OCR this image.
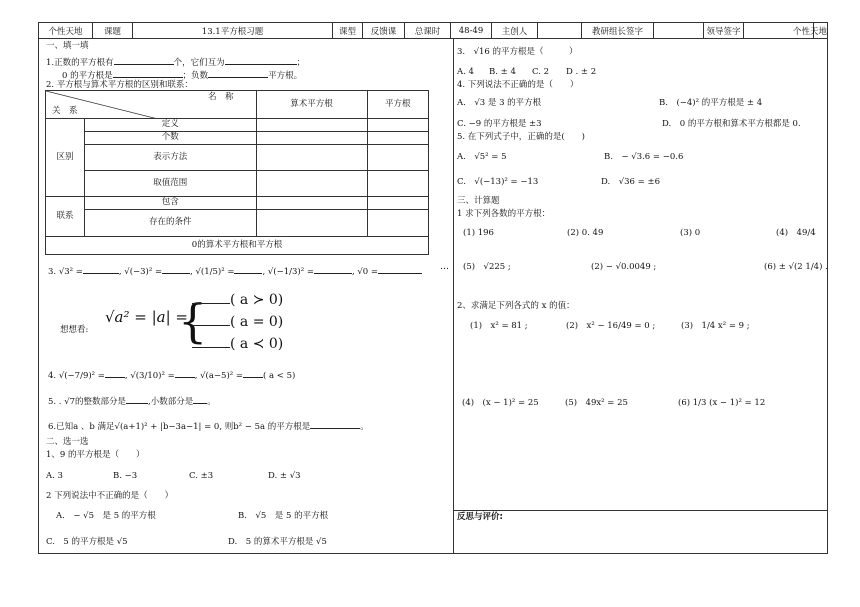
个性天地	课题	13.1平方根习题	课型	反馈课	总课时	48-49	主创人	教研组长签字	领导签字	个性天地
一、填一填
1.正数的平方根有	个，它们互为	；
0 的平方根是	；负数	平方根。
2. 平方根与算术平方根的区别和联系：
名　称
关　系		算术平方根	平方根
区别	定义		
	个数		
	表示方法		
	取值范围		
联系	包含		
	存在的条件		
0的算术平方根和平方根			
3. √3² =	, √(−3)² =	, √(1/5)² =	, √(−1/3)² =	, √0 =	…
想想看:
√a² = |a| =
{	( a ≻ 0)
( a = 0)
( a ≺ 0)
4. √(−7/9)² = , √(3/10)² = , √(a−5)² = ( a < 5)
5. . √7的整数部分是	,小数部分是 。
6.已知a 、b 满足√(a+1)² + |b−3a−1| = 0, 则b² − 5a 的平方根是	。
二、选一选
1、9 的平方根是（　　）
A. 3	B. −3	C. ±3	D. ± √3
2 下列说法中不正确的是（　　）
A.　− √5　是 5 的平方根	B.　√5　是 5 的平方根
C.　5 的平方根是 √5	D.　5 的算术平方根是 √5
3.　√16 的平方根是（　　　）
A. 4 B. ± 4 C. 2 D . ± 2
4. 下列说法不正确的是（　　）
A.　√3 是 3 的平方根	B.　(−4)² 的平方根是 ± 4
C. −9 的平方根是 ±3	D.　0 的平方根和算术平方根都是 0.
5. 在下列式子中，正确的是(　　)
A.　√5² = 5	B.　− √3.6 = −0.6
C.　√(−13)² = −13	D.　√36 = ±6
三、计算题
1 求下列各数的平方根：
(1) 196	(2) 0. 49	(3) 0	(4)　49/4
(5)　√225 ;	(2) − √0.0049 ;	(6) ± √(2 1/4) .
2、求满足下列各式的 x 的值：
(1)　x² = 81 ;	(2)　x² − 16/49 = 0 ;	(3)　1/4 x² = 9 ;
(4)　(x − 1)² = 25	(5)　49x² = 25	(6) 1/3 (x − 1)² = 12
反思与评价:
